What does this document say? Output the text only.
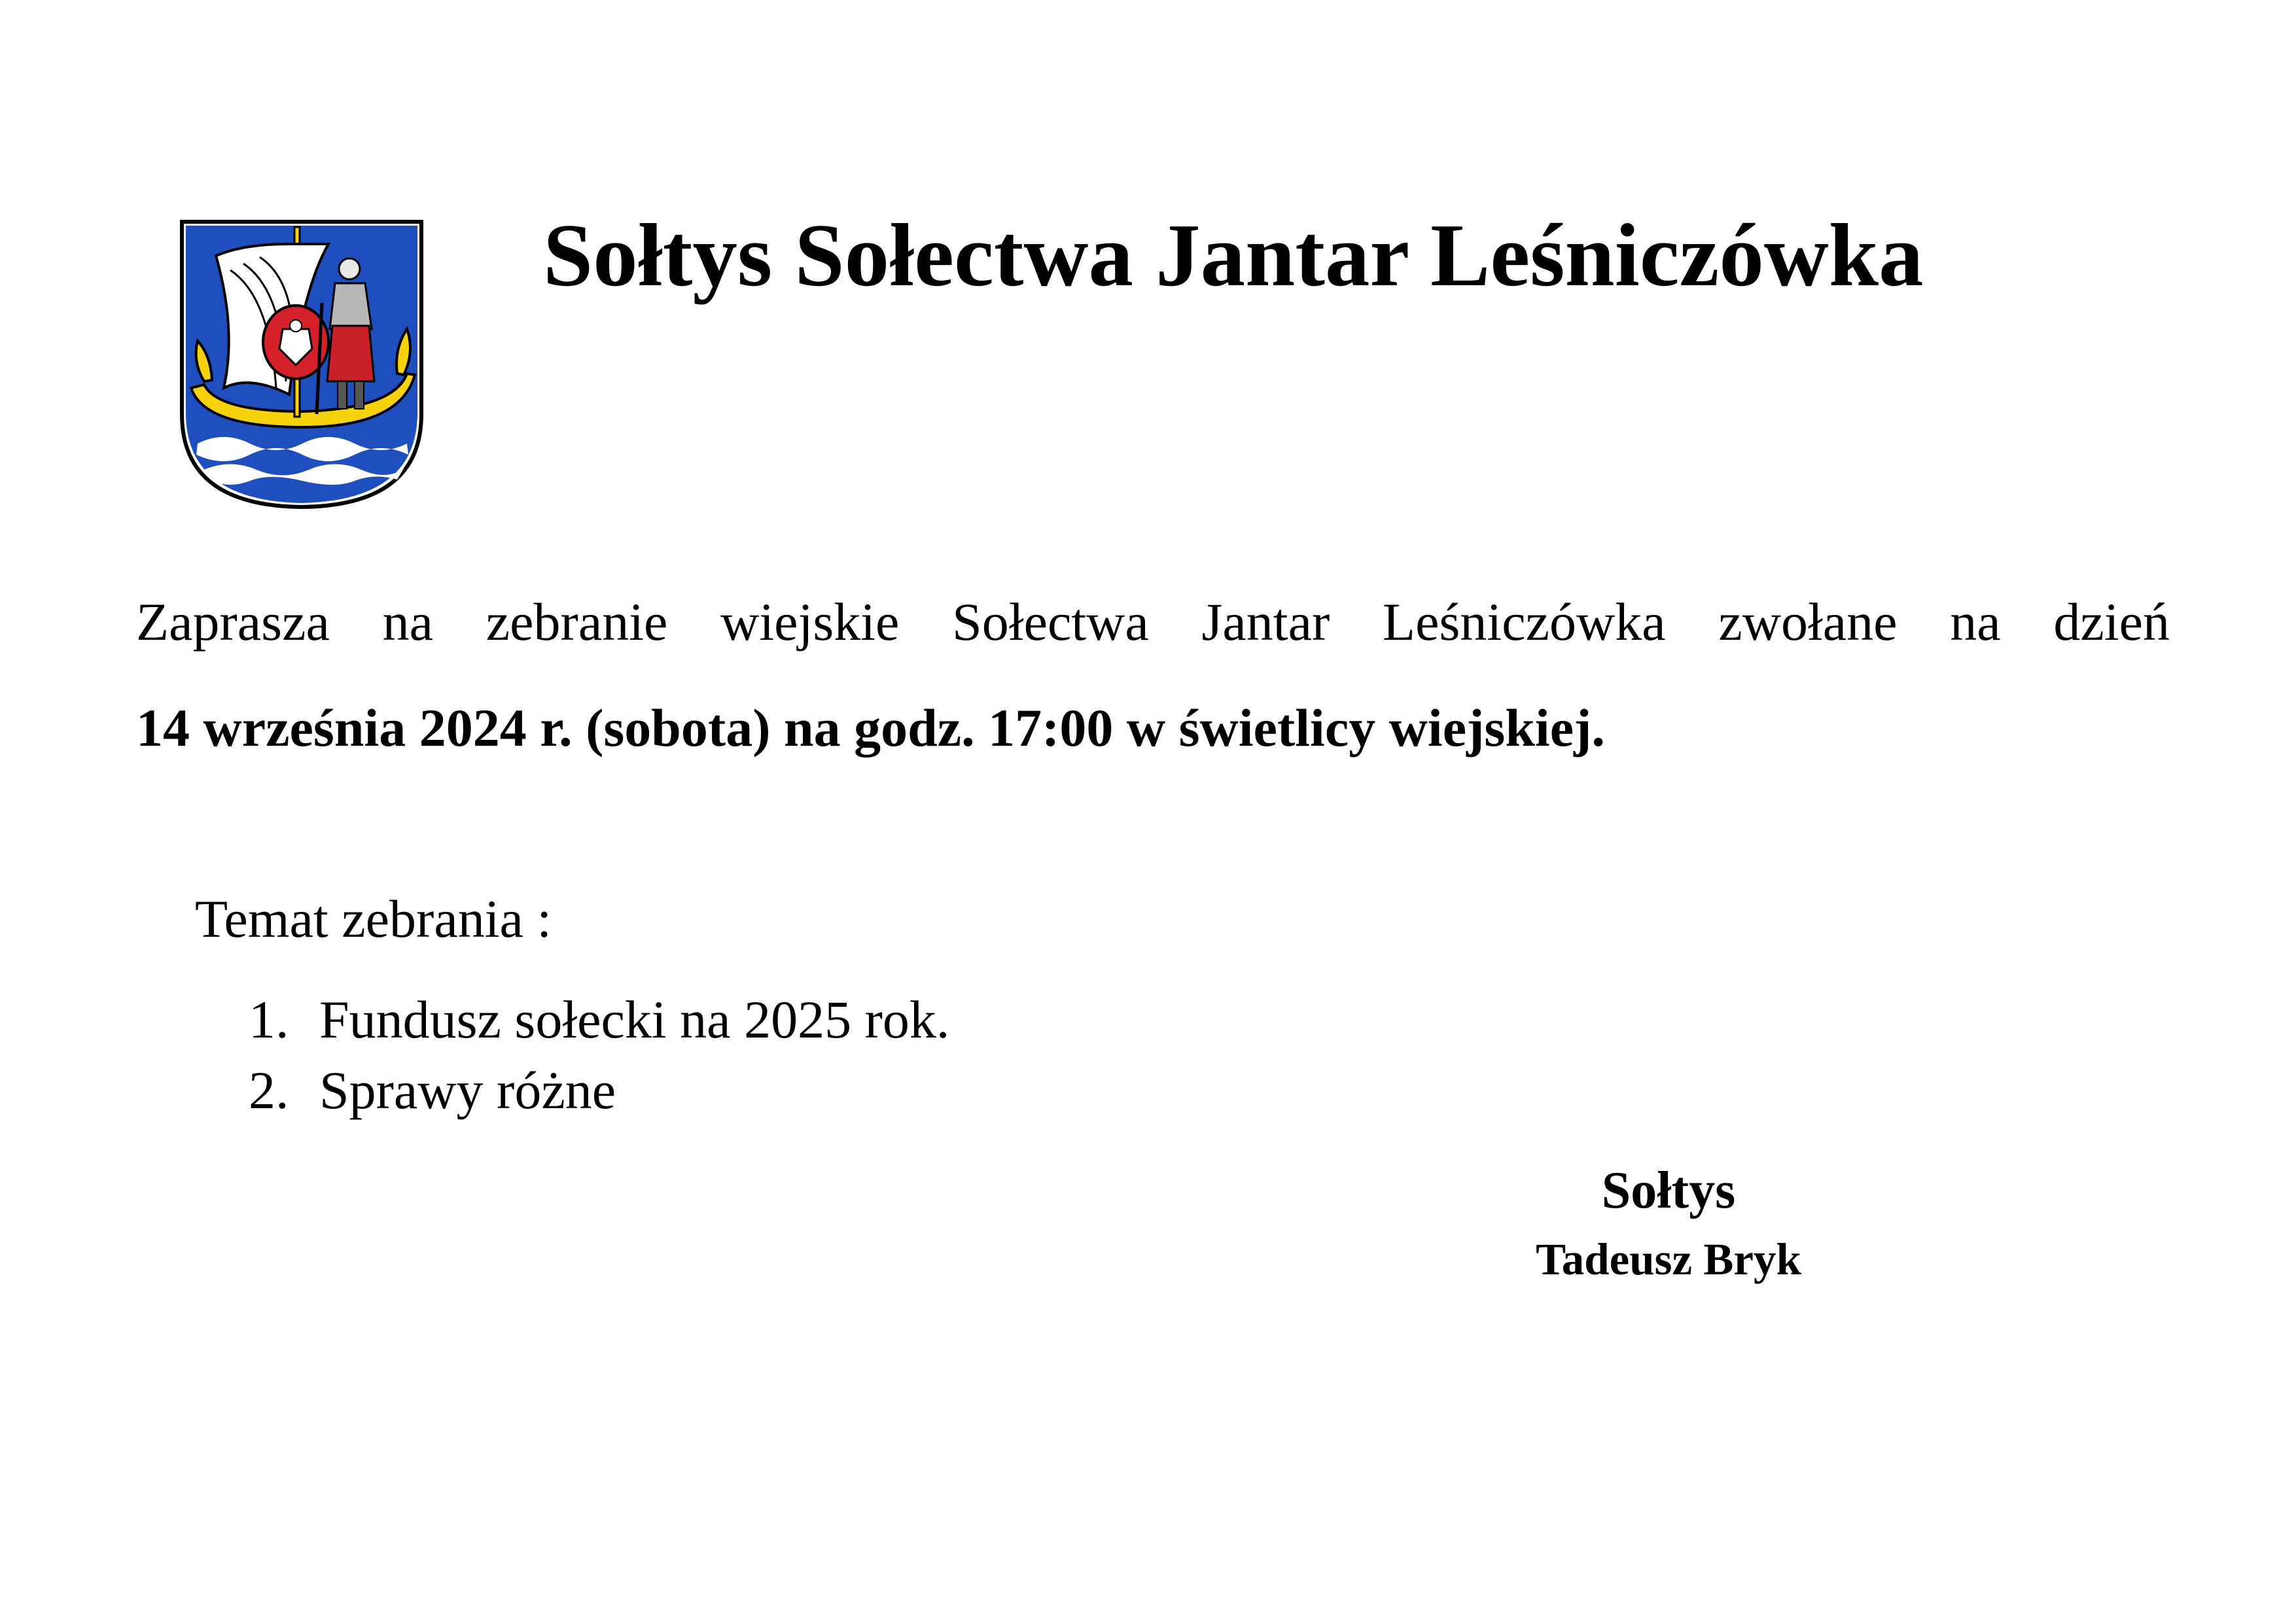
Sołtys Sołectwa Jantar Leśniczówka

Zaprasza na zebranie wiejskie Sołectwa Jantar Leśniczówka zwołane na dzień
14 września 2024 r. (sobota) na godz. 17:00 w świetlicy wiejskiej.

Temat zebrania :

1. Fundusz sołecki na 2025 rok.
2. Sprawy różne
Sołtys
Tadeusz Bryk
